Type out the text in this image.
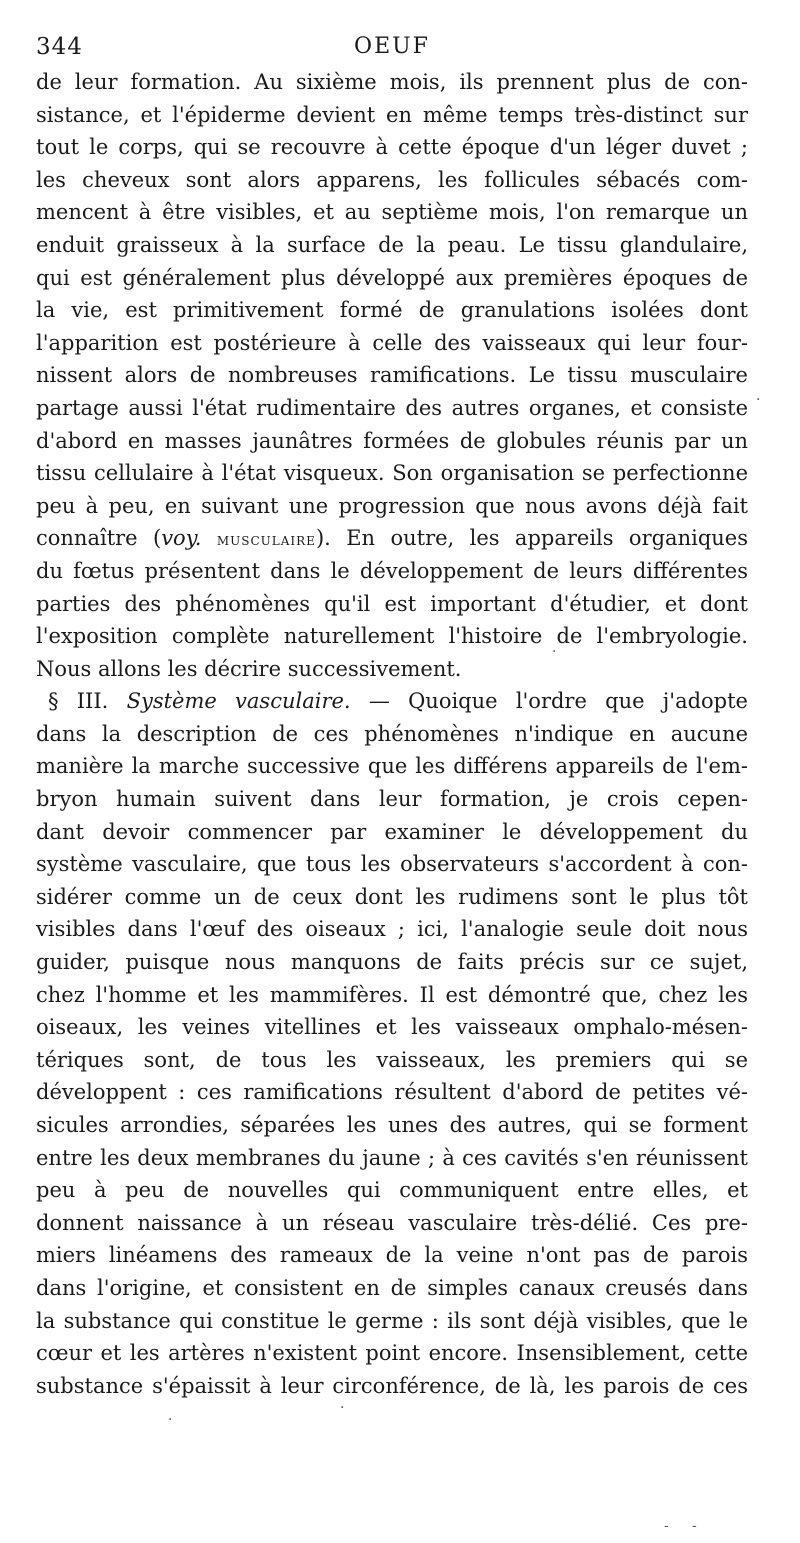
344	OEUF
de leur formation. Au sixième mois, ils prennent plus de con-
sistance, et l'épiderme devient en même temps très-distinct sur
tout le corps, qui se recouvre à cette époque d'un léger duvet ;
les cheveux sont alors apparens, les follicules sébacés com-
mencent à être visibles, et au septième mois, l'on remarque un
enduit graisseux à la surface de la peau. Le tissu glandulaire,
qui est généralement plus développé aux premières époques de
la vie, est primitivement formé de granulations isolées dont
l'apparition est postérieure à celle des vaisseaux qui leur four-
nissent alors de nombreuses ramifications. Le tissu musculaire
partage aussi l'état rudimentaire des autres organes, et consiste
d'abord en masses jaunâtres formées de globules réunis par un
tissu cellulaire à l'état visqueux. Son organisation se perfectionne
peu à peu, en suivant une progression que nous avons déjà fait
connaître (voy. musculaire). En outre, les appareils organiques
du fœtus présentent dans le développement de leurs différentes
parties des phénomènes qu'il est important d'étudier, et dont
l'exposition complète naturellement l'histoire de l'embryologie.
Nous allons les décrire successivement.
§ III. Système vasculaire. — Quoique l'ordre que j'adopte
dans la description de ces phénomènes n'indique en aucune
manière la marche successive que les différens appareils de l'em-
bryon humain suivent dans leur formation, je crois cepen-
dant devoir commencer par examiner le développement du
système vasculaire, que tous les observateurs s'accordent à con-
sidérer comme un de ceux dont les rudimens sont le plus tôt
visibles dans l'œuf des oiseaux ; ici, l'analogie seule doit nous
guider, puisque nous manquons de faits précis sur ce sujet,
chez l'homme et les mammifères. Il est démontré que, chez les
oiseaux, les veines vitellines et les vaisseaux omphalo-mésen-
tériques sont, de tous les vaisseaux, les premiers qui se
développent : ces ramifications résultent d'abord de petites vé-
sicules arrondies, séparées les unes des autres, qui se forment
entre les deux membranes du jaune ; à ces cavités s'en réunissent
peu à peu de nouvelles qui communiquent entre elles, et
donnent naissance à un réseau vasculaire très-délié. Ces pre-
miers linéamens des rameaux de la veine n'ont pas de parois
dans l'origine, et consistent en de simples canaux creusés dans
la substance qui constitue le germe : ils sont déjà visibles, que le
cœur et les artères n'existent point encore. Insensiblement, cette
substance s'épaissit à leur circonférence, de là, les parois de ces
·
·
·
·
- -
